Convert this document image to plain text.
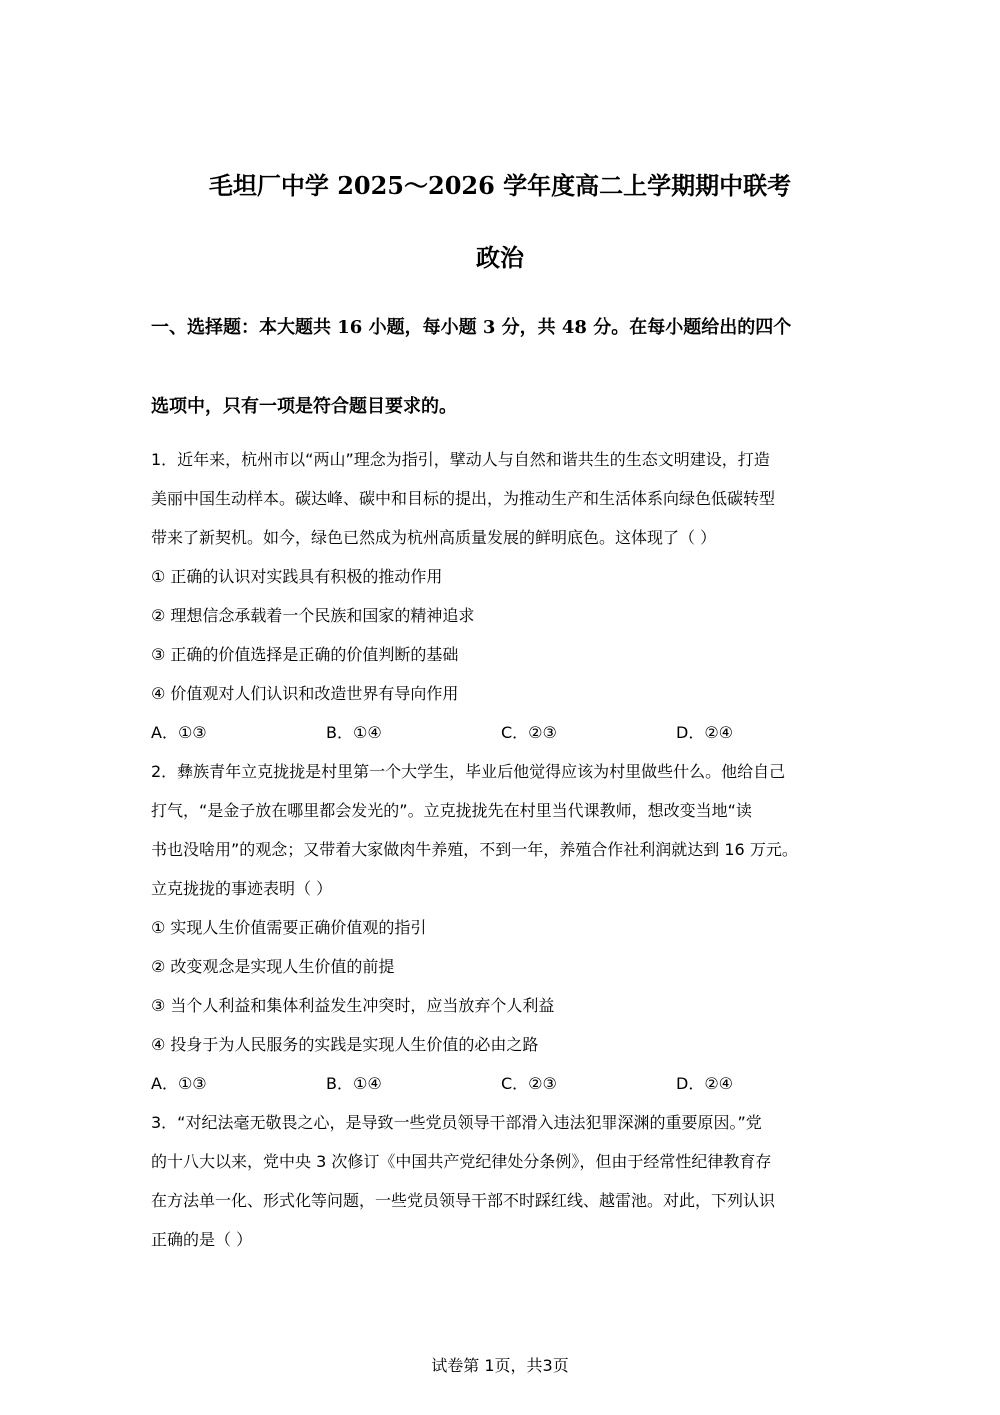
毛坦厂中学 2025～2026 学年度高二上学期期中联考
政治
一、选择题：本大题共 16 小题，每小题 3 分，共 48 分。在每小题给出的四个
选项中，只有一项是符合题目要求的。
1．近年来，杭州市以“两山”理念为指引，擘动人与自然和谐共生的生态文明建设，打造
美丽中国生动样本。碳达峰、碳中和目标的提出，为推动生产和生活体系向绿色低碳转型
带来了新契机。如今，绿色已然成为杭州高质量发展的鲜明底色。这体现了（ ）
① 正确的认识对实践具有积极的推动作用
② 理想信念承载着一个民族和国家的精神追求
③ 正确的价值选择是正确的价值判断的基础
④ 价值观对人们认识和改造世界有导向作用
A．①③	B．①④	C．②③	D．②④
2．彝族青年立克拢拢是村里第一个大学生，毕业后他觉得应该为村里做些什么。他给自己
打气，“是金子放在哪里都会发光的”。立克拢拢先在村里当代课教师，想改变当地“读
书也没啥用”的观念；又带着大家做肉牛养殖，不到一年，养殖合作社利润就达到 16 万元。
立克拢拢的事迹表明（ ）
① 实现人生价值需要正确价值观的指引
② 改变观念是实现人生价值的前提
③ 当个人利益和集体利益发生冲突时，应当放弃个人利益
④ 投身于为人民服务的实践是实现人生价值的必由之路
A．①③	B．①④	C．②③	D．②④
3．“对纪法毫无敬畏之心，是导致一些党员领导干部滑入违法犯罪深渊的重要原因。”党
的十八大以来，党中央 3 次修订《中国共产党纪律处分条例》，但由于经常性纪律教育存
在方法单一化、形式化等问题，一些党员领导干部不时踩红线、越雷池。对此，下列认识
正确的是（ ）
试卷第 1页，共3页
